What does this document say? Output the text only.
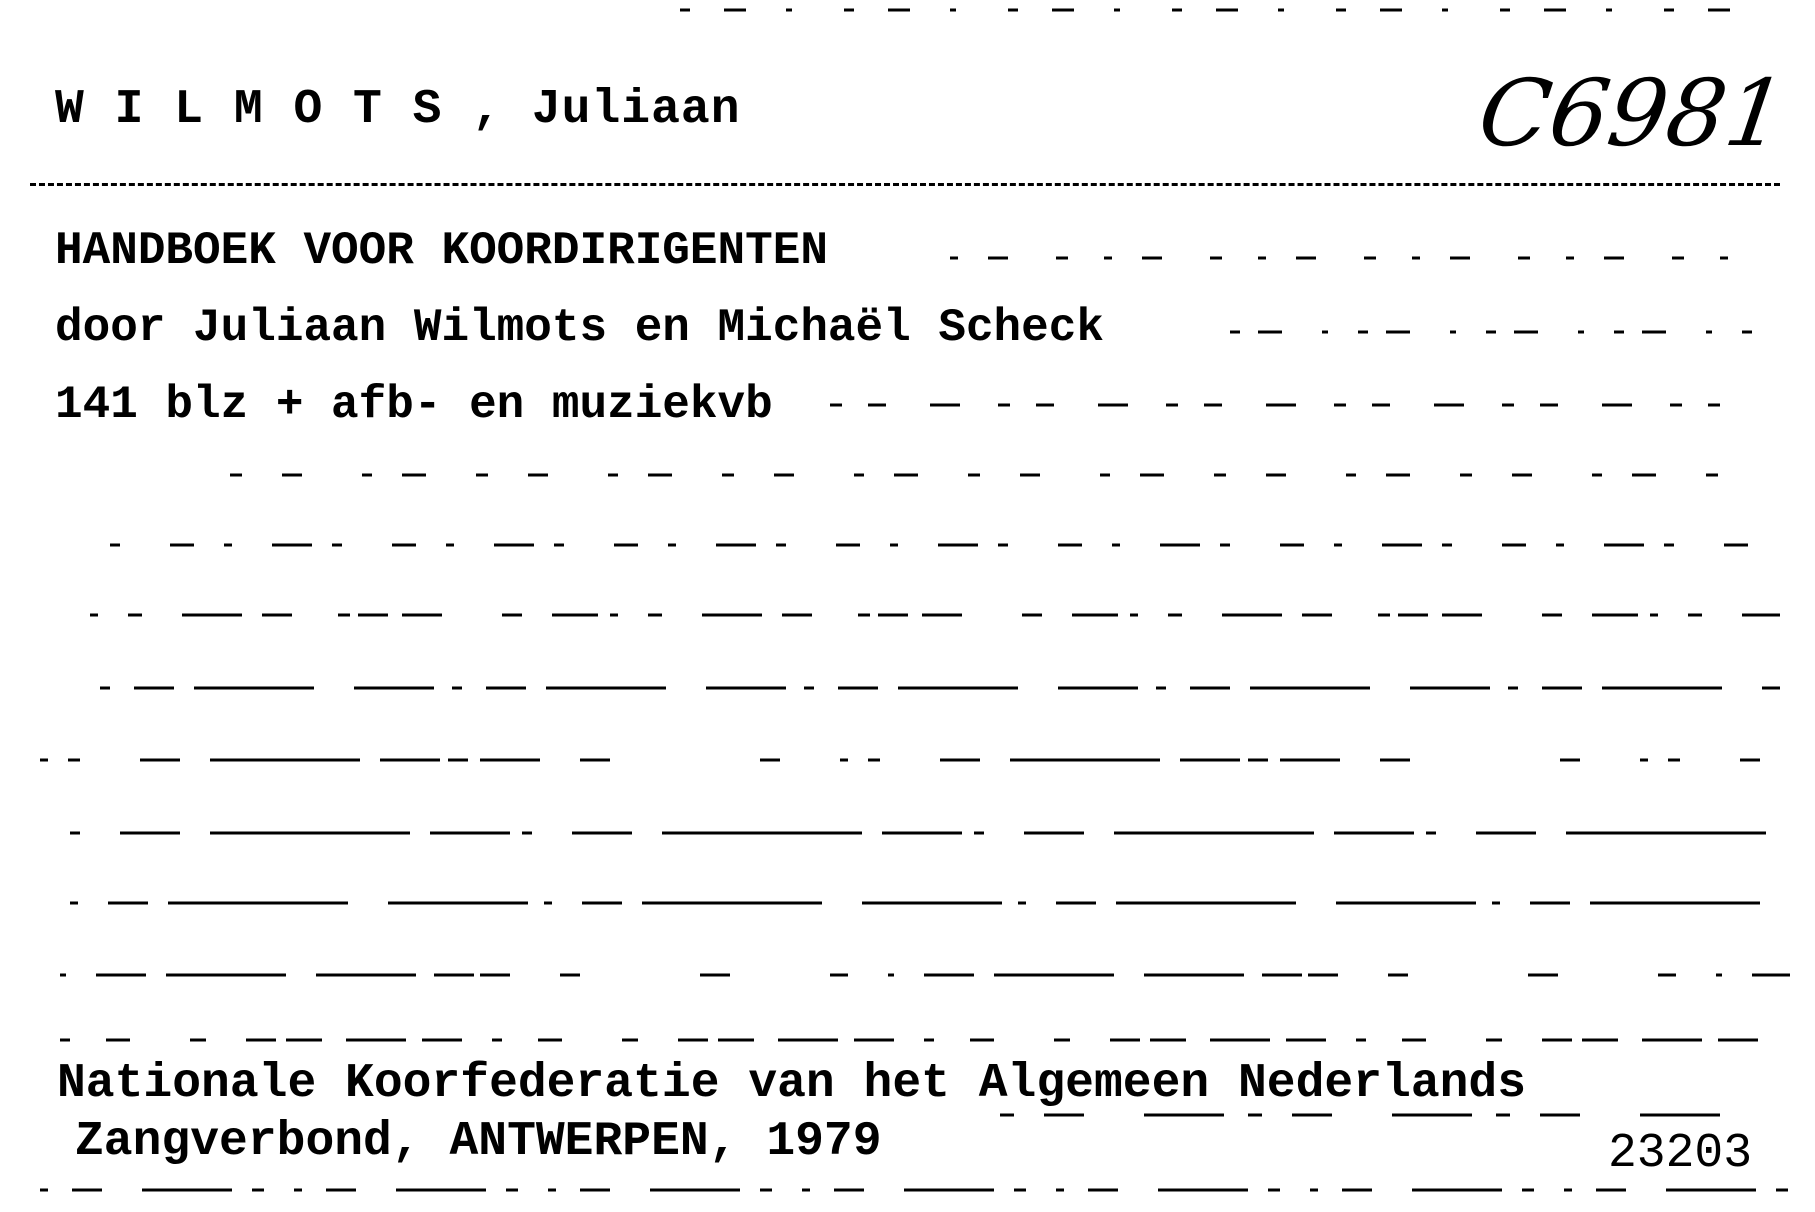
W I L M O T S , Juliaan	C6981
HANDBOEK VOOR KOORDIRIGENTEN
door Juliaan Wilmots en Michaël Scheck
141 blz + afb- en muziekvb
Nationale Koorfederatie van het Algemeen Nederlands
Zangverbond, ANTWERPEN, 1979	23203
